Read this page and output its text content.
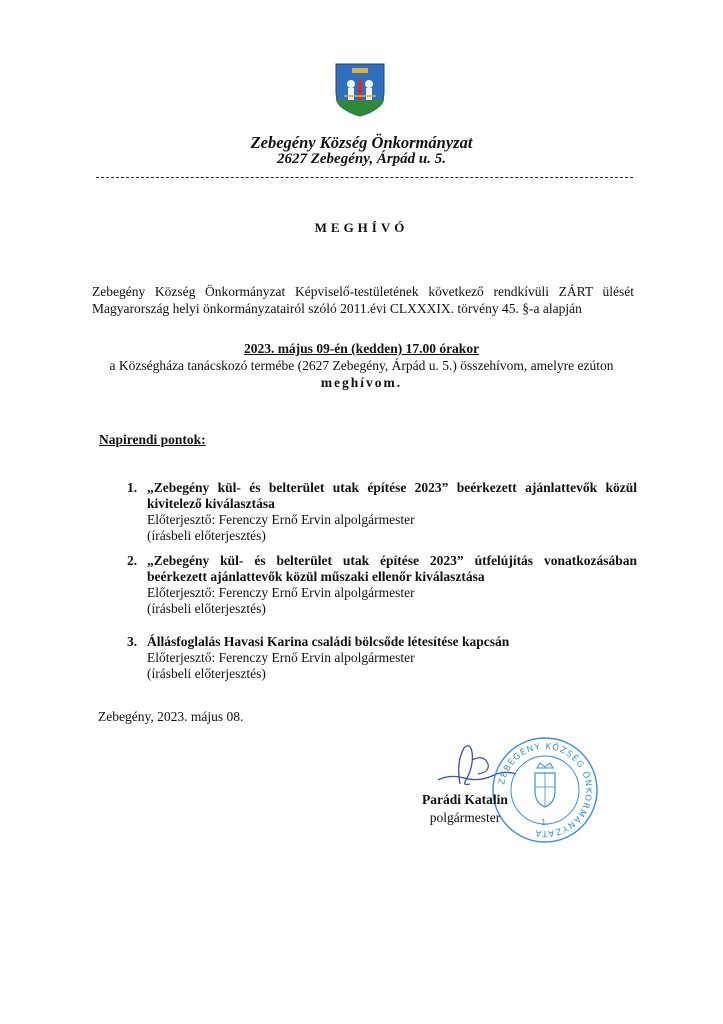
Zebegény Község Önkormányzat
2627 Zebegény, Árpád u. 5.
MEGHÍVÓ
Zebegény Község Önkormányzat Képviselő-testületének következő rendkívüli ZÁRT ülését
Magyarország helyi önkormányzatairól szóló 2011.évi CLXXXIX. törvény 45. §-a alapján
2023. május 09-én (kedden) 17.00 órakor
a Községháza tanácskozó termébe (2627 Zebegény, Árpád u. 5.) összehívom, amelyre ezúton
meghívom.
Napirendi pontok:
1. „Zebegény kül- és belterület utak építése 2023” beérkezett ajánlattevők közül kivitelező kiválasztása
Előterjesztő: Ferenczy Ernő Ervin alpolgármester
(írásbeli előterjesztés)
2. „Zebegény kül- és belterület utak építése 2023” útfelújítás vonatkozásában beérkezett ajánlattevők közül műszaki ellenőr kiválasztása
Előterjesztő: Ferenczy Ernő Ervin alpolgármester
(írásbeli előterjesztés)
3. Állásfoglalás Havasi Karina családi bölcsőde létesítése kapcsán
Előterjesztő: Ferenczy Ernő Ervin alpolgármester
(írásbeli előterjesztés)
Zebegény, 2023. május 08.
ZEBEGÉNY KÖZSÉG ÖNKORMÁNYZATA
1.
Parádi Katalin
polgármester
